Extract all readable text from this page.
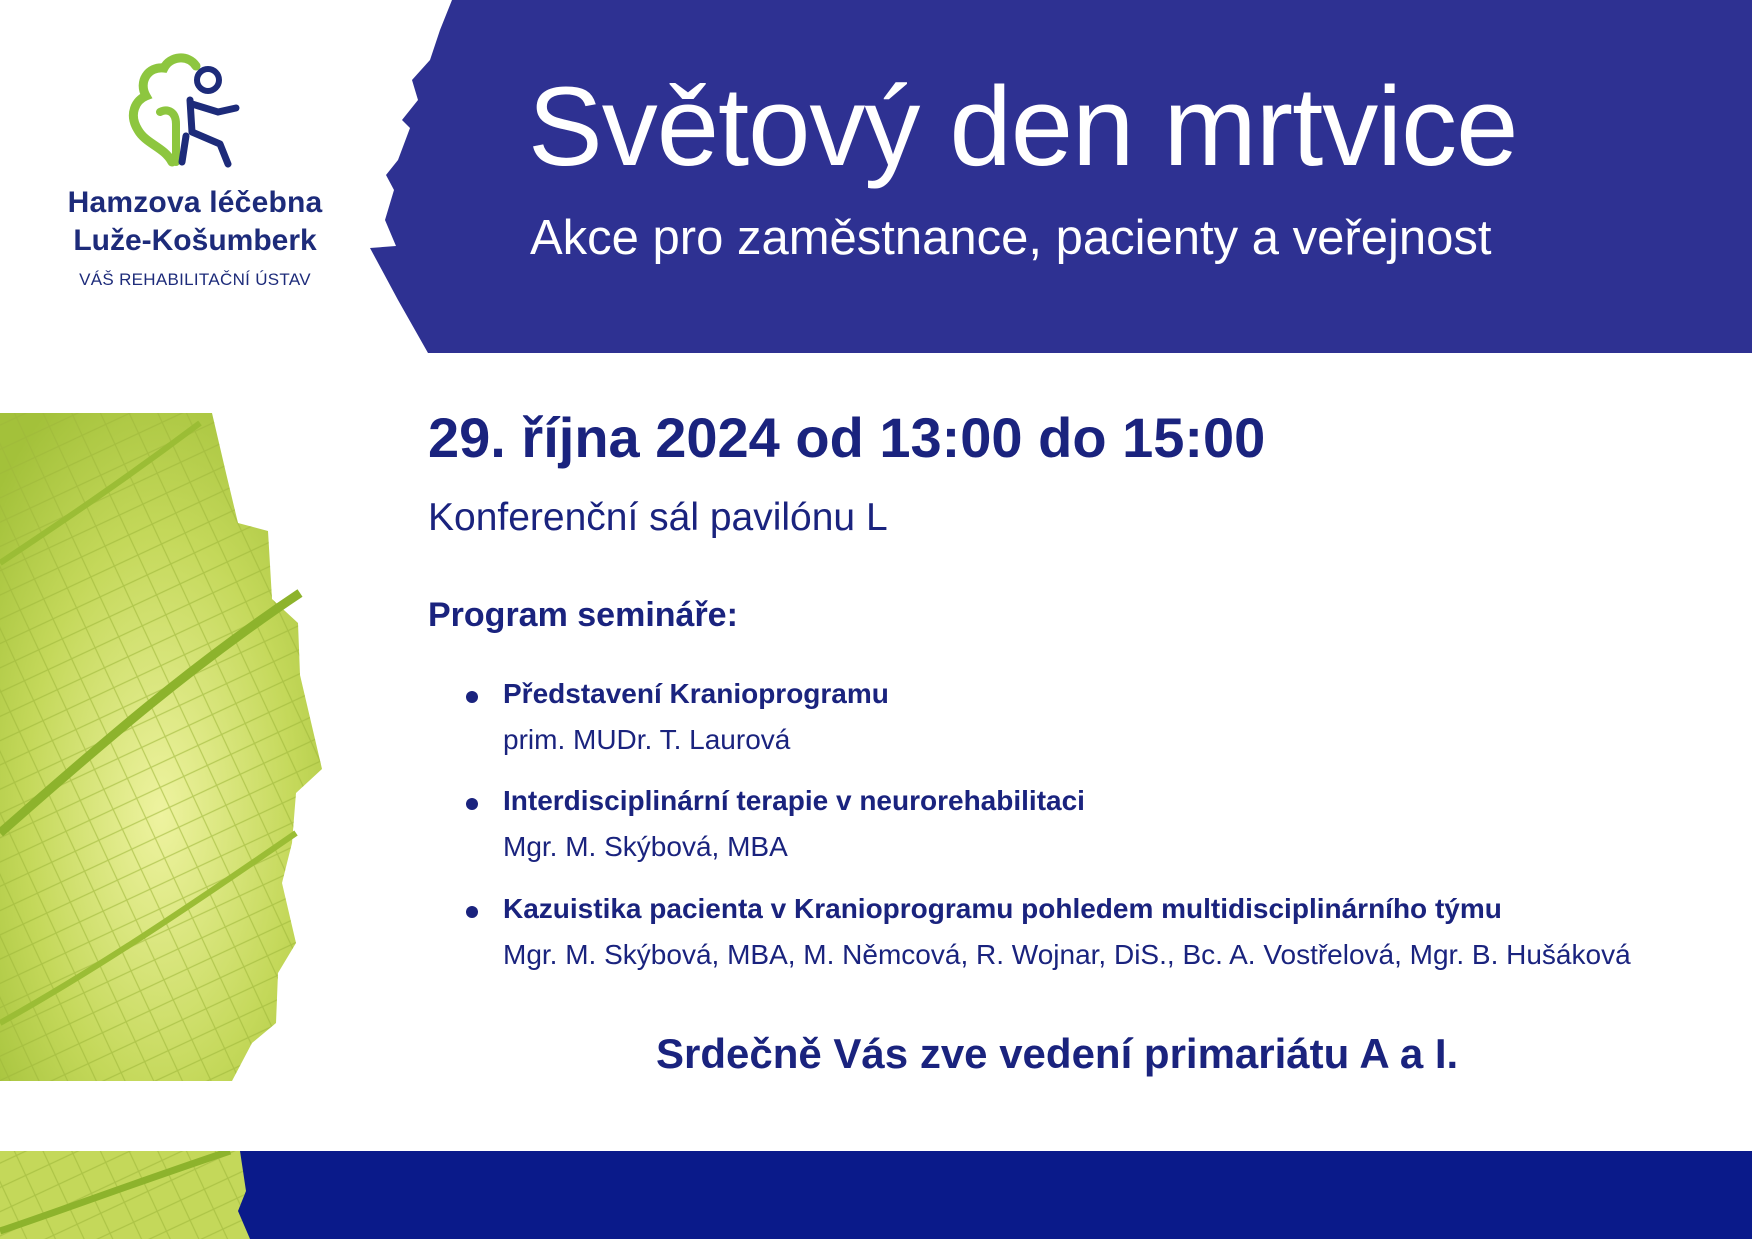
Hamzova léčebna
Luže-Košumberk
VÁŠ REHABILITAČNÍ ÚSTAV
Světový den mrtvice
Akce pro zaměstnance, pacienty a veřejnost
29. října 2024 od 13:00 do 15:00
Konferenční sál pavilónu L
Program semináře:
Představení Kranioprogramu
prim. MUDr. T. Laurová
Interdisciplinární terapie v neurorehabilitaci
Mgr. M. Skýbová, MBA
Kazuistika pacienta v Kranioprogramu pohledem multidisciplinárního týmu
Mgr. M. Skýbová, MBA, M. Němcová, R. Wojnar, DiS., Bc. A. Vostřelová, Mgr. B. Hušáková
Srdečně Vás zve vedení primariátu A a I.
